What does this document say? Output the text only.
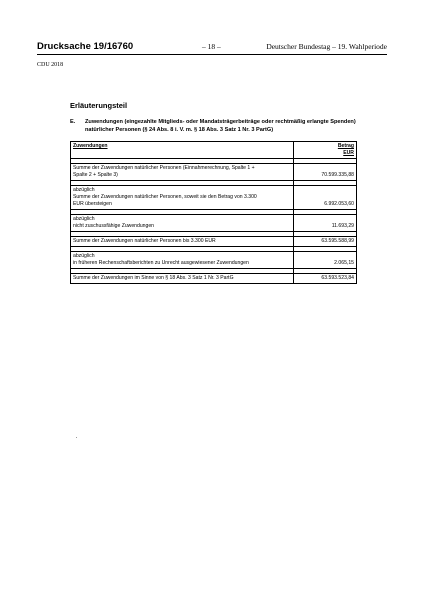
Drucksache 19/16760	– 18 –	Deutscher Bundestag – 19. Wahlperiode
CDU 2018
Erläuterungsteil
E. Zuwendungen (eingezahlte Mitglieds- oder Mandatsträgerbeiträge oder rechtmäßig erlangte Spenden) natürlicher Personen (§ 24 Abs. 8 i. V. m. § 18 Abs. 3 Satz 1 Nr. 3 PartG)
Zuwendungen	Betrag
EUR

Summe der Zuwendungen natürlicher Personen (Einnahmerechnung, Spalte 1 +
Spalte 2 + Spalte 3)	70.599.335,88

abzüglich
Summe der Zuwendungen natürlicher Personen, soweit sie den Betrag von 3.300
EUR übersteigen	6.992.053,60

abzüglich
nicht zuschussfähige Zuwendungen	11.693,29

Summe der Zuwendungen natürlicher Personen bis 3.300 EUR	63.595.588,99

abzüglich
in früheren Rechenschaftsberichten zu Unrecht ausgewiesener Zuwendungen	2.065,15

Summe der Zuwendungen im Sinne von § 18 Abs. 3 Satz 1 Nr. 3 PartG	63.593.523,84
